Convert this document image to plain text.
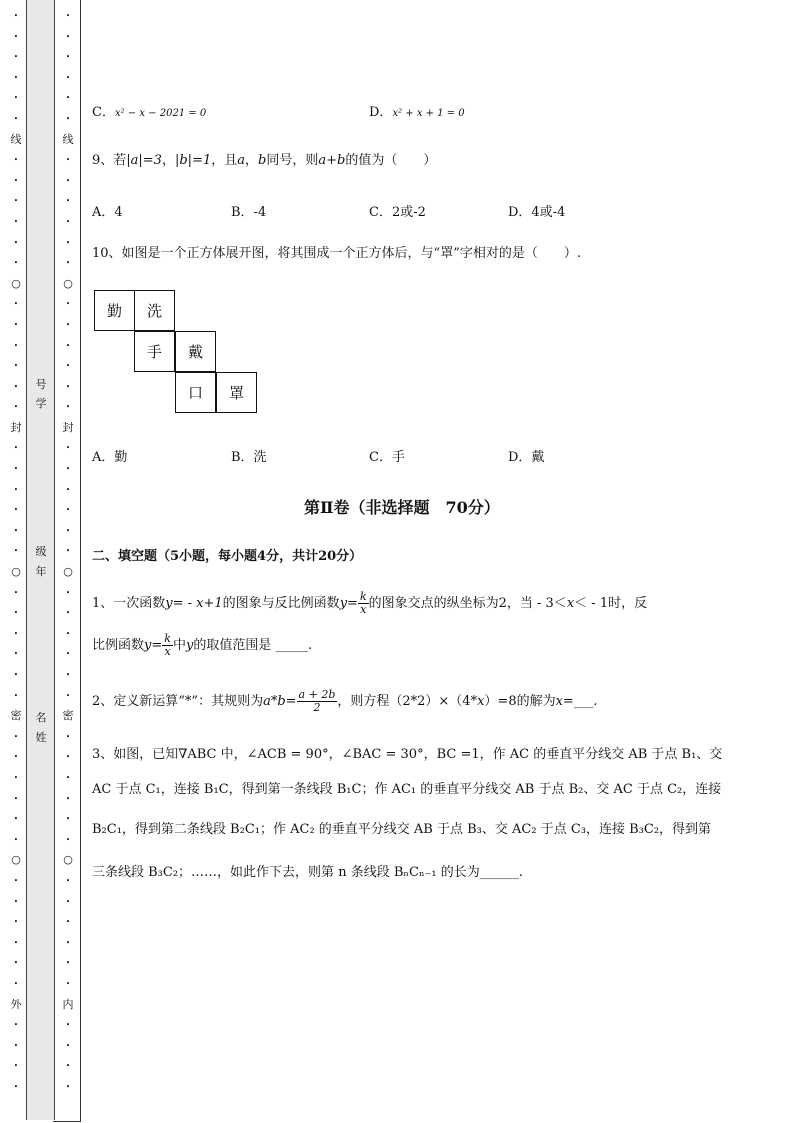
•
•
•
•
•
•
线
•
•
•
•
•
•
○
•
•
•
•
•
•
封
•
•
•
•
•
•
○
•
•
•
•
•
•
密
•
•
•
•
•
•
○
•
•
•
•
•
•
外
•
•
•
•
•
•
•
•
•
•
线
•
•
•
•
•
•
○
•
•
•
•
•
•
封
•
•
•
•
•
•
○
•
•
•
•
•
•
密
•
•
•
•
•
•
○
•
•
•
•
•
•
内
•
•
•
•
号
学
级
年
名
姓
C．x² − x − 2021 = 0	D．x² + x + 1 = 0
9、若|a|=3，|b|=1，且a，b同号，则a+b的值为（　　）
A．4	B．-4	C．2或-2	D．4或-4
10、如图是一个正方体展开图，将其围成一个正方体后，与“罩”字相对的是（　　）.
勤	洗
手	戴
口	罩
A．勤	B．洗	C．手	D．戴
第Ⅱ卷（非选择题　70分）
二、填空题（5小题，每小题4分，共计20分）
1、一次函数y= - x+1的图象与反比例函数$y= \frac{k}{x}$ 的图象交点的纵坐标为2，当 - 3＜x＜ - 1时，反
比例函数$y= \frac{k}{x}$ 中y的取值范围是 _____.
2、定义新运算“*”：其规则为$a*b= \frac{a + 2b}{2}$ ，则方程（2*2）×（4*x）=8的解为x=___.
3、如图，已知∇ABC 中，∠ACB = 90°，∠BAC = 30°，BC =1，作 AC 的垂直平分线交 AB 于点 B₁、交
AC 于点 C₁，连接 B₁C，得到第一条线段 B₁C；作 AC₁ 的垂直平分线交 AB 于点 B₂、交 AC 于点 C₂，连接
B₂C₁，得到第二条线段 B₂C₁；作 AC₂ 的垂直平分线交 AB 于点 B₃、交 AC₂ 于点 C₃，连接 B₃C₂，得到第
三条线段 B₃C₂；……，如此作下去，则第 n 条线段 BₙCₙ₋₁ 的长为______.
